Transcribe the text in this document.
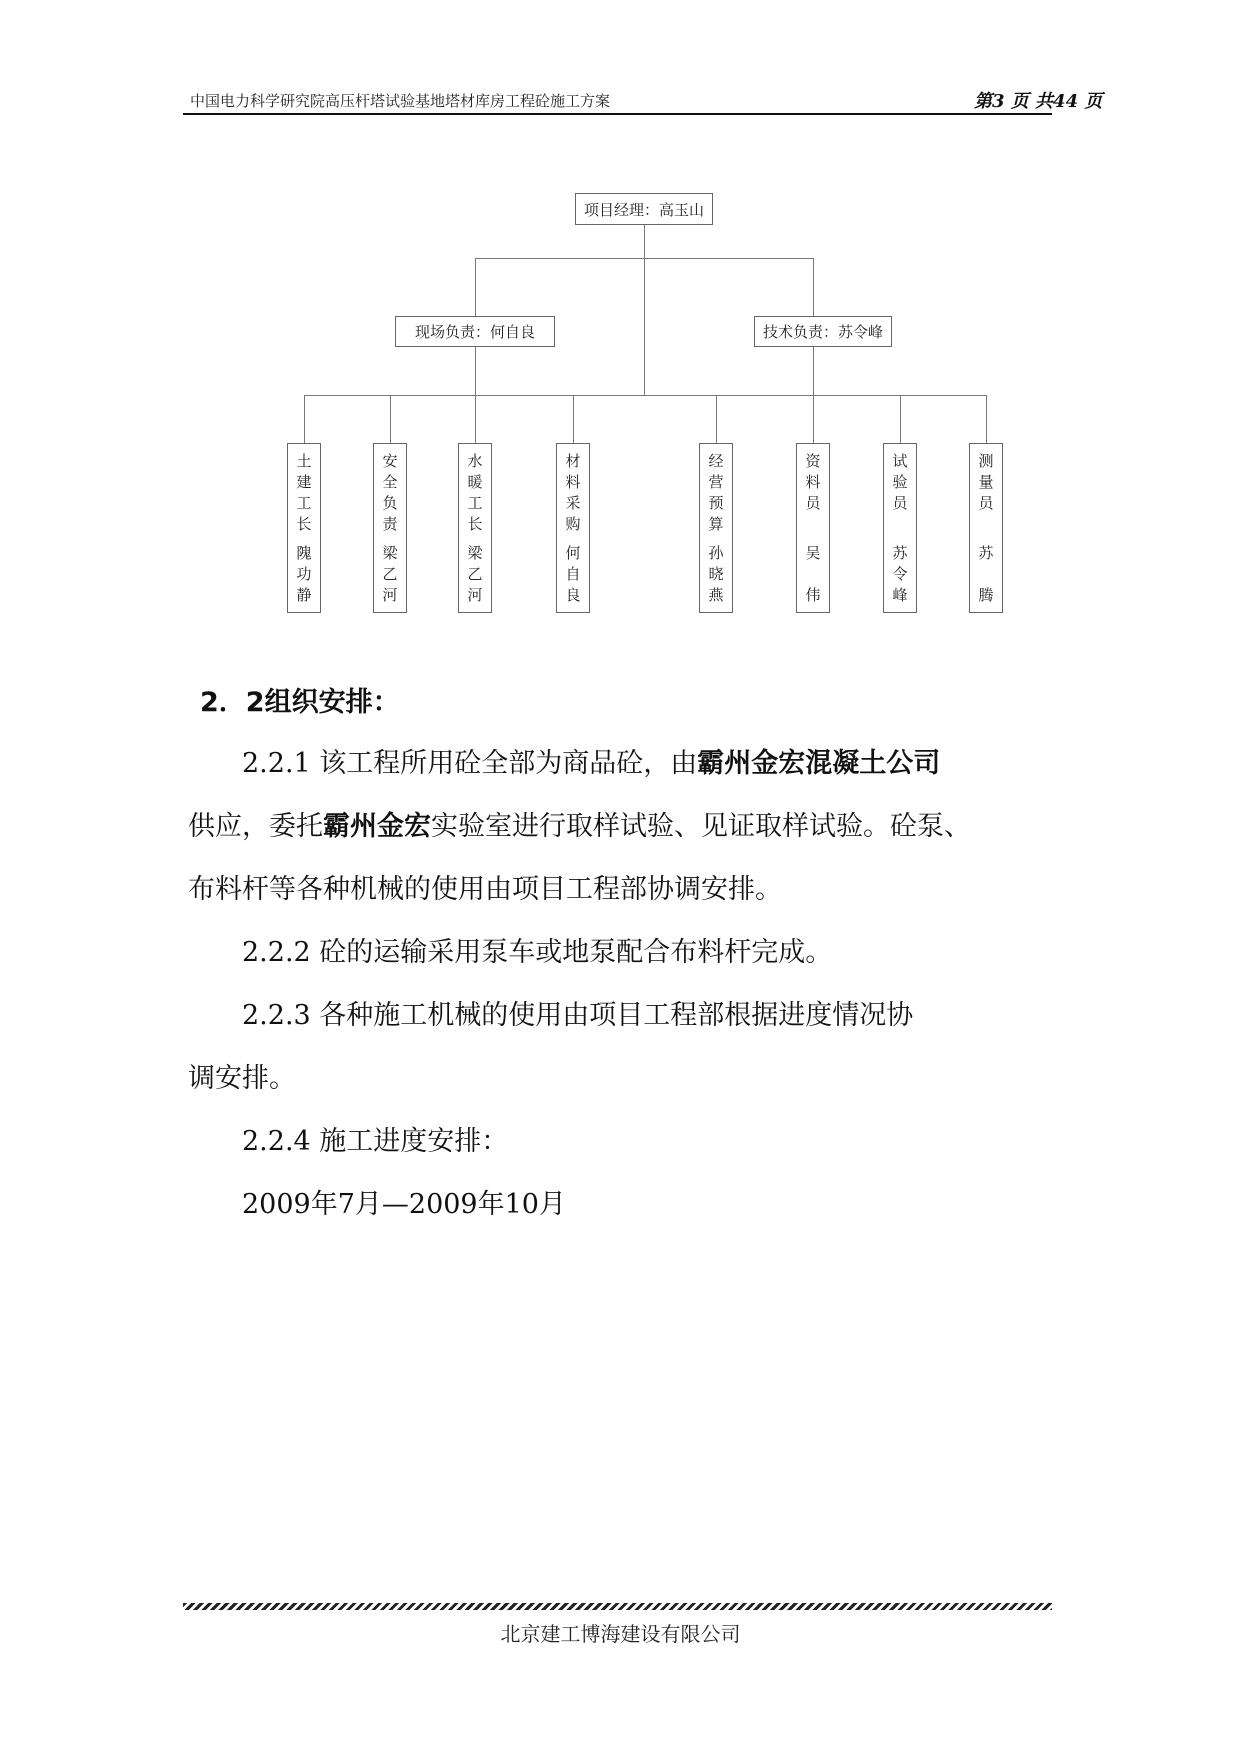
中国电力科学研究院高压杆塔试验基地塔材库房工程砼施工方案	第3 页 共44 页
项目经理：高玉山
现场负责：何自良	技术负责：苏令峰
土
建
工
长
隗
功
静
安
全
负
责
梁
乙
河
水
暖
工
长
梁
乙
河
材
料
采
购
何
自
良
经
营
预
算
孙
晓
燕
资
料
员
吴
伟
试
验
员
苏
令
峰
测
量
员
苏
腾
2．2组织安排：
2.2.1 该工程所用砼全部为商品砼，由霸州金宏混凝土公司
供应，委托霸州金宏实验室进行取样试验、见证取样试验。砼泵、
布料杆等各种机械的使用由项目工程部协调安排。
2.2.2 砼的运输采用泵车或地泵配合布料杆完成。
2.2.3 各种施工机械的使用由项目工程部根据进度情况协
调安排。
2.2.4 施工进度安排：
2009年7月—2009年10月
北京建工博海建设有限公司
